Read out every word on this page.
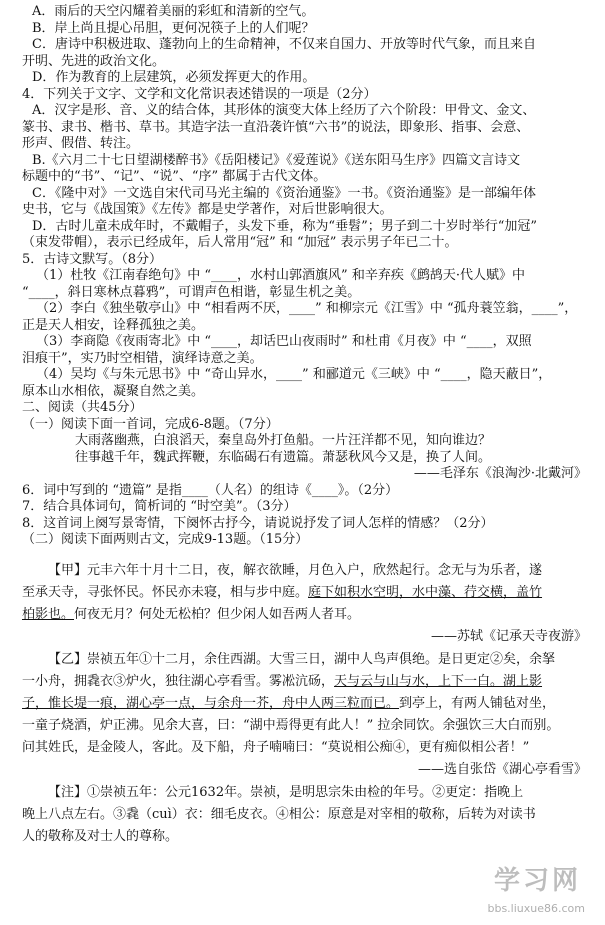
A．雨后的天空闪耀着美丽的彩虹和清新的空气。
B．岸上尚且提心吊胆，更何况筷子上的人们呢？
C．唐诗中积极进取、蓬勃向上的生命精神，不仅来自国力、开放等时代气象，而且来自
开明、先进的政治文化。
D．作为教育的上层建筑，必须发挥更大的作用。
4．下列关于文字、文学和文化常识表述错误的一项是（2分）
A．汉字是形、音、义的结合体，其形体的演变大体上经历了六个阶段：甲骨文、金文、
篆书、隶书、楷书、草书。其造字法一直沿袭许慎“六书”的说法，即象形、指事、会意、
形声、假借、转注。
B.《六月二十七日望湖楼醉书》《岳阳楼记》《爱莲说》《送东阳马生序》四篇文言诗文
标题中的“书”、“记”、“说”、“序” 都属于古代文体。
C．《隆中对》一文选自宋代司马光主编的《资治通鉴》一书。《资治通鉴》是一部编年体
史书，它与《战国策》《左传》都是史学著作，对后世影响很大。
D．古时儿童未成年时，不戴帽子，头发下垂，称为“垂髫”；男子到二十岁时举行“加冠”
（束发带帽），表示已经成年，后人常用“冠” 和 “加冠” 表示男子年已二十。
5．古诗文默写。（8分）
（1）杜牧《江南春绝句》中 “____，水村山郭酒旗风” 和辛弃疾《鹧鸪天·代人赋》中
“____，斜日寒林点暮鸦”，可谓声色相谐，彰显生机之美。
（2）李白《独坐敬亭山》中 “相看两不厌，____” 和柳宗元《江雪》中 “孤舟蓑笠翁，____”，
正是天人相安，诠释孤独之美。
（3）李商隐《夜雨寄北》中 “____，却话巴山夜雨时” 和杜甫《月夜》中 “____，双照
泪痕干”，实乃时空相错，演绎诗意之美。
（4）吴均《与朱元思书》中 “奇山异水，____” 和郦道元《三峡》中 “____，隐天蔽日”，
原本山水相依，凝聚自然之美。
二、阅读（共45分）
（一）阅读下面一首词，完成6-8题。（7分）
大雨落幽燕，白浪滔天，秦皇岛外打鱼船。一片汪洋都不见，知向谁边？
往事越千年，魏武挥鞭，东临碣石有遗篇。萧瑟秋风今又是，换了人间。
——毛泽东《浪淘沙·北戴河》
6．词中写到的 “遗篇” 是指____（人名）的组诗《____》。（2分）
7．结合具体词句，简析词的 “时空美”。（3分）
8．这首词上阕写景寄情，下阕怀古抒今，请说说抒发了词人怎样的情感？（2分）
（二）阅读下面两则古文，完成9-13题。（15分）
【甲】元丰六年十月十二日，夜，解衣欲睡，月色入户，欣然起行。念无与为乐者，遂
至承天寺，寻张怀民。怀民亦未寝，相与步中庭。庭下如积水空明，水中藻、荇交横，盖竹
柏影也。何夜无月？何处无松柏？但少闲人如吾两人者耳。
——苏轼《记承天寺夜游》
【乙】崇祯五年①十二月，余住西湖。大雪三日，湖中人鸟声俱绝。是日更定②矣，余拏
一小舟，拥毳衣③炉火，独往湖心亭看雪。雾凇沆砀，天与云与山与水，上下一白。湖上影
子，惟长堤一痕，湖心亭一点，与余舟一芥，舟中人两三粒而已。到亭上，有两人铺毡对坐，
一童子烧酒，炉正沸。见余大喜，曰：“湖中焉得更有此人！” 拉余同饮。余强饮三大白而别。
问其姓氏，是金陵人，客此。及下船，舟子喃喃曰：“莫说相公痴④，更有痴似相公者！”
——选自张岱《湖心亭看雪》
【注】①崇祯五年：公元1632年。崇祯，是明思宗朱由检的年号。②更定：指晚上
晚上八点左右。③毳（cuì）衣：细毛皮衣。④相公：原意是对宰相的敬称，后转为对读书
人的敬称及对士人的尊称。
学习网
bbs.liuxue86.com
